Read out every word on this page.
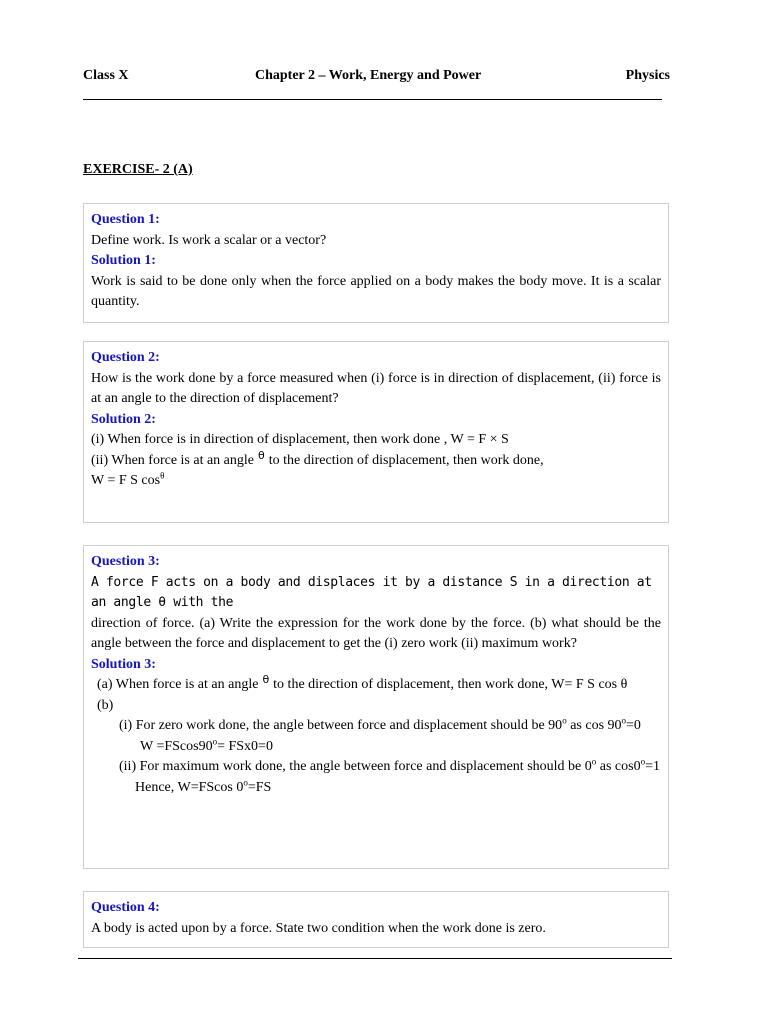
Class X	Chapter 2 – Work, Energy and Power	Physics
EXERCISE- 2 (A)
Question 1:
Define work. Is work a scalar or a vector?
Solution 1:
Work is said to be done only when the force applied on a body makes the body move. It is a scalar quantity.
Question 2:
How is the work done by a force measured when (i) force is in direction of displacement, (ii) force is at an angle to the direction of displacement?
Solution 2:
(i) When force is in direction of displacement, then work done , W = F × S
(ii) When force is at an angle $^\theta$ to the direction of displacement, then work done,
W = F S $\cos^\theta$
Question 3:
A force F acts on a body and displaces it by a distance S in a direction at an angle θ with the
direction of force. (a) Write the expression for the work done by the force. (b) what should be the angle between the force and displacement to get the (i) zero work (ii) maximum work?
Solution 3:
(a) When force is at an angle $^\theta$ to the direction of displacement, then work done, W= F S cos θ
(b)
(i) For zero work done, the angle between force and displacement should be 90$^o$ as $\cos 90^o=0$
$W =FScos90^o= FSx0=0$
(ii) For maximum work done, the angle between force and displacement should be 0$^o$ as $\cos 0^o=1$
Hence, W=FScos $0^o=FS$
Question 4:
A body is acted upon by a force. State two condition when the work done is zero.
